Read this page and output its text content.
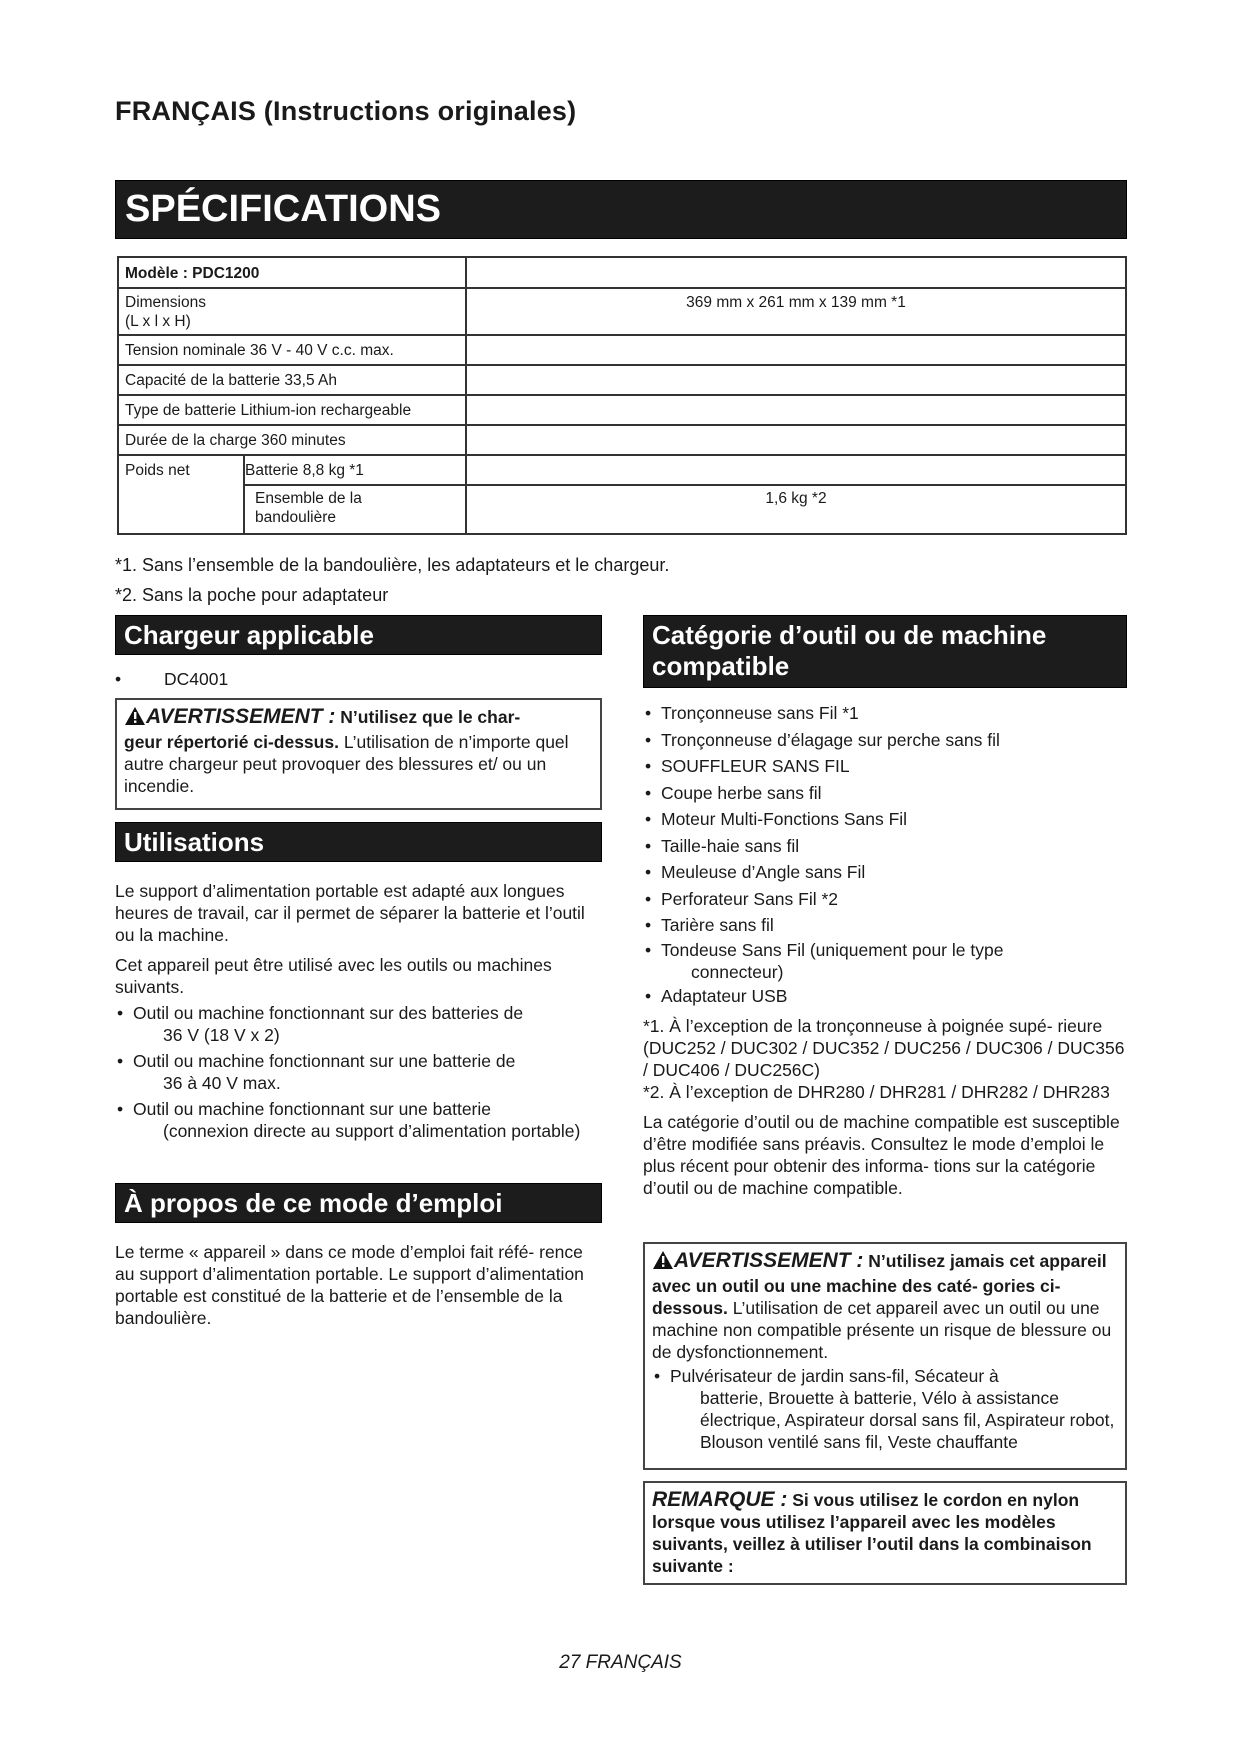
FRANÇAIS (Instructions originales)
SPÉCIFICATIONS
Modèle : PDC1200		

Dimensions
(L x l x H)		369 mm x 261 mm x 139 mm *1
Tension nominale 36 V - 40 V c.c. max.		
Capacité de la batterie 33,5 Ah		
Type de batterie Lithium-ion rechargeable		
Durée de la charge 360 minutes		
Poids net	Batterie 8,8 kg *1	

	Ensemble de la
bandoulière	1,6 kg *2
*1. Sans l’ensemble de la bandoulière, les adaptateurs et le chargeur.
*2. Sans la poche pour adaptateur
Chargeur applicable
• DC4001
AVERTISSEMENT : N’utilisez que le char-
geur répertorié ci-dessus. L’utilisation de n’importe quel autre chargeur peut provoquer des blessures et/ ou un incendie.
Utilisations
Le support d’alimentation portable est adapté aux longues heures de travail, car il permet de séparer la batterie et l’outil ou la machine.
Cet appareil peut être utilisé avec les outils ou machines suivants.
• Outil ou machine fonctionnant sur des batteries de
36 V (18 V x 2)
• Outil ou machine fonctionnant sur une batterie de
36 à 40 V max.
• Outil ou machine fonctionnant sur une batterie
(connexion directe au support d’alimentation portable)
À propos de ce mode d’emploi
Le terme « appareil » dans ce mode d’emploi fait réfé- rence au support d’alimentation portable. Le support d’alimentation portable est constitué de la batterie et de l’ensemble de la bandoulière.
Catégorie d’outil ou de machine compatible
• Tronçonneuse sans Fil *1
• Tronçonneuse d’élagage sur perche sans fil
• SOUFFLEUR SANS FIL
• Coupe herbe sans fil
• Moteur Multi-Fonctions Sans Fil
• Taille-haie sans fil
• Meuleuse d’Angle sans Fil
• Perforateur Sans Fil *2
• Tarière sans fil
• Tondeuse Sans Fil (uniquement pour le type
connecteur)
• Adaptateur USB
*1. À l’exception de la tronçonneuse à poignée supé- rieure (DUC252 / DUC302 / DUC352 / DUC256 / DUC306 / DUC356 / DUC406 / DUC256C)
*2. À l’exception de DHR280 / DHR281 / DHR282 / DHR283
La catégorie d’outil ou de machine compatible est susceptible d’être modifiée sans préavis. Consultez le mode d’emploi le plus récent pour obtenir des informa- tions sur la catégorie d’outil ou de machine compatible.
AVERTISSEMENT : N’utilisez jamais cet appareil avec un outil ou une machine des caté- gories ci-dessous. L’utilisation de cet appareil avec un outil ou une machine non compatible présente un risque de blessure ou de dysfonctionnement.
• Pulvérisateur de jardin sans-fil, Sécateur à
batterie, Brouette à batterie, Vélo à assistance électrique, Aspirateur dorsal sans fil, Aspirateur robot, Blouson ventilé sans fil, Veste chauffante
REMARQUE : Si vous utilisez le cordon en nylon lorsque vous utilisez l’appareil avec les modèles suivants, veillez à utiliser l’outil dans la combinaison suivante :
27 FRANÇAIS
